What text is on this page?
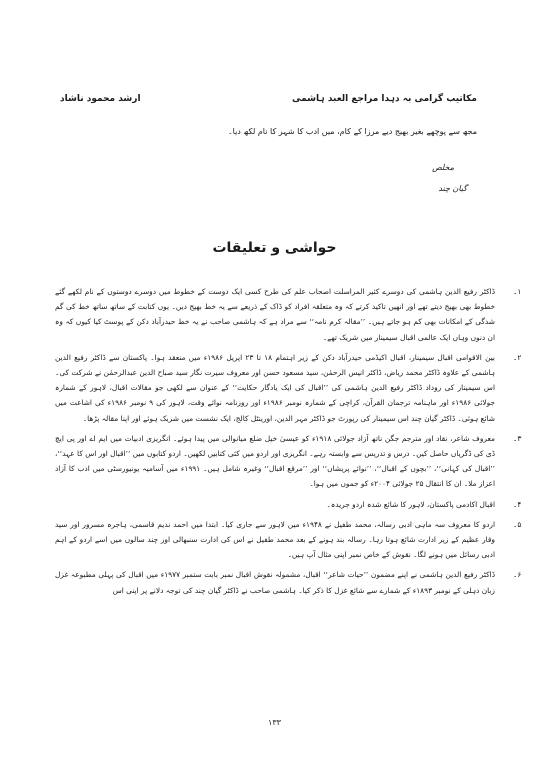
مکاتیب گرامی بہ دہدا مراجع العبد ہاشمی
ارشد محمود ناشاد
مجھ سے پوچھے بغیر بھیج دیے مرزا کے کام، میں ادب کا شہر کا نام لکھ دیا۔
مخلص
گیان چند
حواشی و تعلیقات
۱۔
ڈاکٹر رفیع الدین ہاشمی کی دوسرے کثیر المراسلت اصحاب علم کی طرح کسی ایک دوست کے خطوط میں دوسرے دوستوں کے نام لکھے گئے خطوط بھی بھیج دیتے تھے اور انھیں تاکید کرتے کہ وہ متعلقہ افراد کو ڈاک کے ذریعے سے یہ خط بھیج دیں۔ یوں کتابت کے ساتھ ساتھ خط کی گم شدگی کے امکانات بھی کم ہو جاتے ہیں۔ ’’مقالہ کرم نامہ‘‘ سے مراد ہے کہ ہاشمی صاحب نے یہ خط حیدرآباد دکن کے پوسٹ کیا کیوں کہ وہ ان دنوں وہاں ایک عالمی اقبال سیمینار میں شریک تھے۔
۲۔
بین الاقوامی اقبال سیمینار، اقبال اکیڈمی حیدرآباد دکن کے زیر اہتمام ۱۸ تا ۲۳ اپریل ۱۹۸۶ء میں منعقد ہوا۔ پاکستان سے ڈاکٹر رفیع الدین ہاشمی کے علاوہ ڈاکٹر محمد ریاض، ڈاکٹر انیس الرحمٰن، سید مسعود حسن اور معروف سیرت نگار سید صباح الدین عبدالرحمٰن نے شرکت کی۔ اس سیمینار کی روداد ڈاکٹر رفیع الدین ہاشمی کی ’’اقبال کی ایک یادگار حکایت‘‘ کے عنوان سے لکھی جو مقالات اقبال، لاہور کے شمارہ جولائی ۱۹۸۶ء اور ماہنامہ ترجمان القرآن، کراچی کے شمارہ نومبر ۱۹۸۶ء اور روزنامہ نوائے وقت، لاہور کی ۹ نومبر ۱۹۸۶ء کی اشاعت میں شائع ہوئی۔ ڈاکٹر گیان چند اس سیمینار کی رپورٹ جو ڈاکٹر مہر الدین، اورینٹل کالج، ایک نشست میں شریک ہوئے اور اپنا مقالہ پڑھا۔
۳۔
معروف شاعر، نقاد اور مترجم جگن ناتھ آزاد جولائی ۱۹۱۸ء کو عیسیٰ خیل ضلع میانوالی میں پیدا ہوئے۔ انگریزی ادبیات میں ایم اے اور پی ایچ ڈی کی ڈگریاں حاصل کیں۔ درس و تدریس سے وابستہ رہے۔ انگریزی اور اردو میں کئی کتابیں لکھیں۔ اردو کتابوں میں ’’اقبال اور اس کا عہد‘‘، ’’اقبال کی کہانی‘‘، ’’بچوں کے اقبال‘‘، ’’نوائے پریشاں‘‘ اور ’’مرقع اقبال‘‘ وغیرہ شامل ہیں۔ ۱۹۹۱ء میں آسامیہ یونیورسٹی میں ادب کا آزاد اعزاز ملا۔ ان کا انتقال ۲۵ جولائی ۲۰۰۴ء کو جموں میں ہوا۔
۴۔
اقبال اکادمی پاکستان، لاہور کا شائع شدہ اردو جریدہ۔
۵۔
اردو کا معروف سہ ماہی ادبی رسالہ، محمد طفیل نے ۱۹۴۸ء میں لاہور سے جاری کیا۔ ابتدا میں احمد ندیم قاسمی، ہاجرہ مسرور اور سید وقار عظیم کے زیر ادارت شائع ہوتا رہا۔ رسالہ بند ہونے کے بعد محمد طفیل نے اس کی ادارت سنبھالی اور چند سالوں میں اسے اردو کے اہم ادبی رسائل میں ہونے لگا۔ نقوش کے خاص نمبر اپنی مثال آپ ہیں۔
۶۔
ڈاکٹر رفیع الدین ہاشمی نے اپنے مضمون ’’حیات شاعر‘‘ اقبال، مشمولہ نقوش اقبال نمبر بابت ستمبر ۱۹۷۷ء میں اقبال کی پہلی مطبوعہ غزل زبان دہلی کے نومبر ۱۸۹۳ء کے شمارے سے شائع غزل کا ذکر کیا۔ ہاشمی صاحب نے ڈاکٹر گیان چند کی توجہ دلانے پر اپنی اس
۱۳۳
